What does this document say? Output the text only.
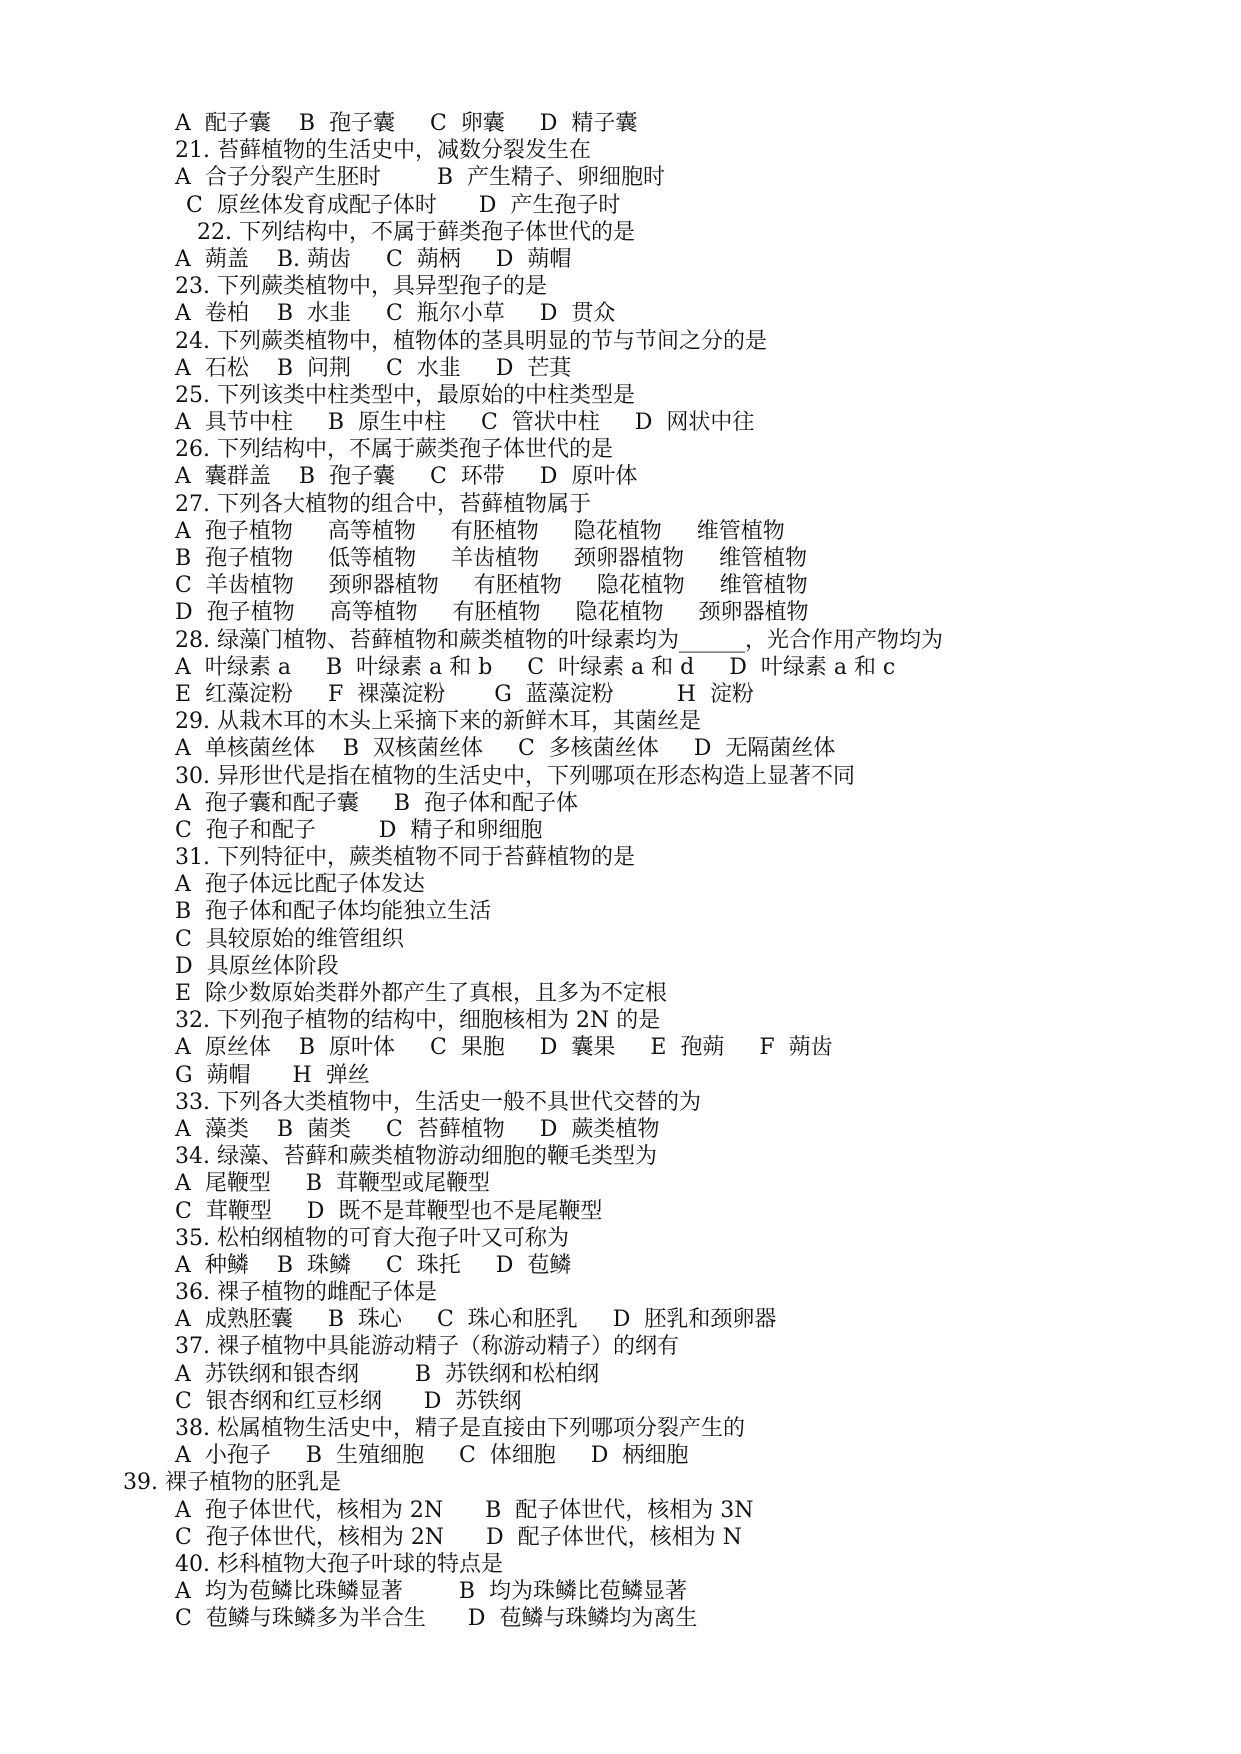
A  配子囊    B  孢子囊     C  卵囊     D  精子囊
21. 苔藓植物的生活史中，减数分裂发生在
A  合子分裂产生胚时        B  产生精子、卵细胞时
C  原丝体发育成配子体时      D  产生孢子时
22. 下列结构中，不属于藓类孢子体世代的是
A  蒴盖    B. 蒴齿     C  蒴柄     D  蒴帽
23. 下列蕨类植物中，具异型孢子的是
A  卷柏    B  水韭     C  瓶尔小草     D  贯众
24. 下列蕨类植物中，植物体的茎具明显的节与节间之分的是
A  石松    B  问荆     C  水韭     D  芒萁
25. 下列该类中柱类型中，最原始的中柱类型是
A  具节中柱     B  原生中柱     C  管状中柱     D  网状中往
26. 下列结构中，不属于蕨类孢子体世代的是
A  囊群盖    B  孢子囊     C  环带     D  原叶体
27. 下列各大植物的组合中，苔藓植物属于
A  孢子植物     高等植物     有胚植物     隐花植物     维管植物
B  孢子植物     低等植物     羊齿植物     颈卵器植物     维管植物
C  羊齿植物     颈卵器植物     有胚植物     隐花植物     维管植物
D  孢子植物     高等植物     有胚植物     隐花植物     颈卵器植物
28. 绿藻门植物、苔藓植物和蕨类植物的叶绿素均为______，光合作用产物均为
A  叶绿素 a     B  叶绿素 a 和 b     C  叶绿素 a 和 d     D  叶绿素 a 和 c
E  红藻淀粉     F  裸藻淀粉       G  蓝藻淀粉         H  淀粉
29. 从栽木耳的木头上采摘下来的新鲜木耳，其菌丝是
A  单核菌丝体    B  双核菌丝体     C  多核菌丝体     D  无隔菌丝体
30. 异形世代是指在植物的生活史中，下列哪项在形态构造上显著不同
A  孢子囊和配子囊     B  孢子体和配子体
C  孢子和配子         D  精子和卵细胞
31. 下列特征中，蕨类植物不同于苔藓植物的是
A  孢子体远比配子体发达
B  孢子体和配子体均能独立生活
C  具较原始的维管组织
D  具原丝体阶段
E  除少数原始类群外都产生了真根，且多为不定根
32. 下列孢子植物的结构中，细胞核相为 2N 的是
A  原丝体    B  原叶体     C  果胞     D  囊果     E  孢蒴     F  蒴齿
G  蒴帽      H  弹丝
33. 下列各大类植物中，生活史一般不具世代交替的为
A  藻类    B  菌类     C  苔藓植物     D  蕨类植物
34. 绿藻、苔藓和蕨类植物游动细胞的鞭毛类型为
A  尾鞭型     B  茸鞭型或尾鞭型
C  茸鞭型     D  既不是茸鞭型也不是尾鞭型
35. 松柏纲植物的可育大孢子叶又可称为
A  种鳞    B  珠鳞     C  珠托     D  苞鳞
36. 裸子植物的雌配子体是
A  成熟胚囊     B  珠心     C  珠心和胚乳     D  胚乳和颈卵器
37. 裸子植物中具能游动精子（称游动精子）的纲有
A  苏铁纲和银杏纲        B  苏铁纲和松柏纲
C  银杏纲和红豆杉纲      D  苏铁纲
38. 松属植物生活史中，精子是直接由下列哪项分裂产生的
A  小孢子     B  生殖细胞     C  体细胞     D  柄细胞
39. 裸子植物的胚乳是
A  孢子体世代，核相为 2N      B  配子体世代，核相为 3N
C  孢子体世代，核相为 2N      D  配子体世代，核相为 N
40. 杉科植物大孢子叶球的特点是
A  均为苞鳞比珠鳞显著        B  均为珠鳞比苞鳞显著
C  苞鳞与珠鳞多为半合生      D  苞鳞与珠鳞均为离生
